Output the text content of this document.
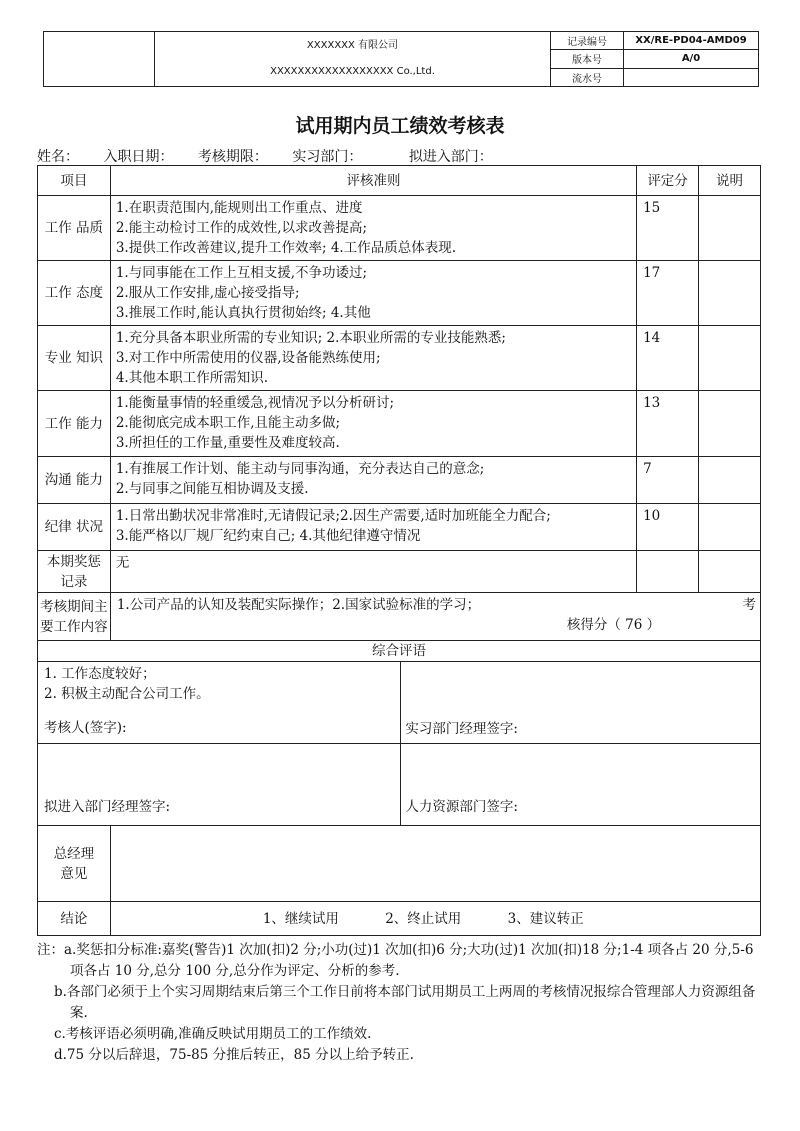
	XXXXXXX 有限公司
XXXXXXXXXXXXXXXXXX Co.,Ltd.	记录编号	XX/RE-PD04-AMD09
		版本号	A/0
		流水号	
试用期内员工绩效考核表
姓名： 入职日期： 考核期限： 实习部门：	拟进入部门：
项目	评核准则		评定分	说明
工作 品质	1.在职责范围内,能规则出工作重点、进度
2.能主动检讨工作的成效性,以求改善提高;
3.提供工作改善建议,提升工作效率; 4.工作品质总体表现.		15	
工作 态度	1.与同事能在工作上互相支援,不争功诿过;
2.服从工作安排,虚心接受指导;
3.推展工作时,能认真执行贯彻始终; 4.其他		17	
专业 知识	1.充分具备本职业所需的专业知识; 2.本职业所需的专业技能熟悉;
3.对工作中所需使用的仪器,设备能熟练使用;
4.其他本职工作所需知识.		14	
工作 能力	1.能衡量事情的轻重缓急,视情况予以分析研讨;
2.能彻底完成本职工作,且能主动多做;
3.所担任的工作量,重要性及难度较高.		13	
沟通 能力	1.有推展工作计划、能主动与同事沟通，充分表达自己的意念;
2.与同事之间能互相协调及支援.		7	
纪律 状况	1.日常出勤状况非常准时,无请假记录;2.因生产需要,适时加班能全力配合;
3.能严格以厂规厂纪约束自己; 4.其他纪律遵守情况		10	
本期奖惩记录	无			
考核期间主要工作内容	1.公司产品的认知及装配实际操作；2.国家试验标准的学习； 考
核得分（ 76 ）			

综合评语				

1. 工作态度较好；
2. 积极主动配合公司工作。
考核人(签字):		实习部门经理签字:		

拟进入部门经理签字:		人力资源部门签字:		

总经理意见				
结论	1、继续试用 2、终止试用 3、建议转正			
注：a.奖惩扣分标准:嘉奖(警告)1 次加(扣)2 分;小功(过)1 次加(扣)6 分;大功(过)1 次加(扣)18 分;1-4 项各占 20 分,5-6 项各占 10 分,总分 100 分,总分作为评定、分析的参考.
b.各部门必须于上个实习周期结束后第三个工作日前将本部门试用期员工上两周的考核情况报综合管理部人力资源组备案.
c.考核评语必须明确,准确反映试用期员工的工作绩效.
d.75 分以后辞退，75-85 分推后转正，85 分以上给予转正.
